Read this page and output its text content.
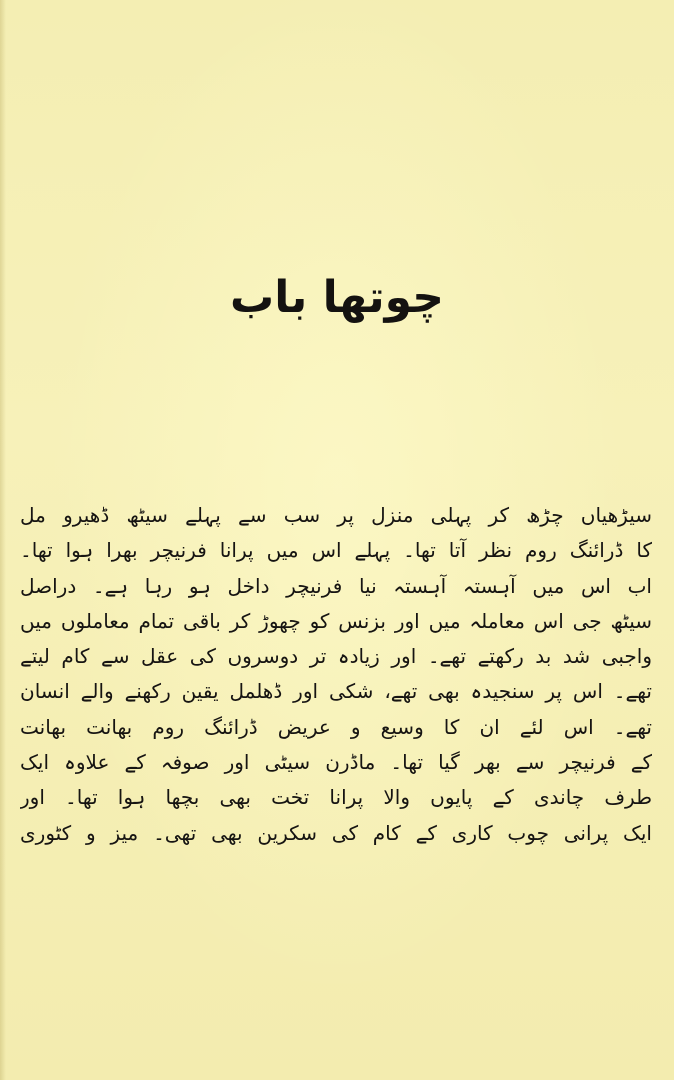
چوتھا باب
سیڑھیاں چڑھ کر پہلی منزل پر سب سے پہلے سیٹھ ڈھیرو مل
کا ڈرائنگ روم نظر آتا تھا۔ پہلے اس میں پرانا فرنیچر بھرا ہوا تھا۔
اب اس میں آہستہ آہستہ نیا فرنیچر داخل ہو رہا ہے۔ دراصل
سیٹھ جی اس معاملہ میں اور بزنس کو چھوڑ کر باقی تمام معاملوں میں
واجبی شد بد رکھتے تھے۔ اور زیادہ تر دوسروں کی عقل سے کام لیتے
تھے۔ اس پر سنجیدہ بھی تھے، شکی اور ڈھلمل یقین رکھنے والے انسان
تھے۔ اس لئے ان کا وسیع و عریض ڈرائنگ روم بھانت بھانت
کے فرنیچر سے بھر گیا تھا۔ ماڈرن سیٹی اور صوفہ کے علاوہ ایک
طرف چاندی کے پایوں والا پرانا تخت بھی بچھا ہوا تھا۔ اور
ایک پرانی چوب کاری کے کام کی سکرین بھی تھی۔ میز و کٹوری
